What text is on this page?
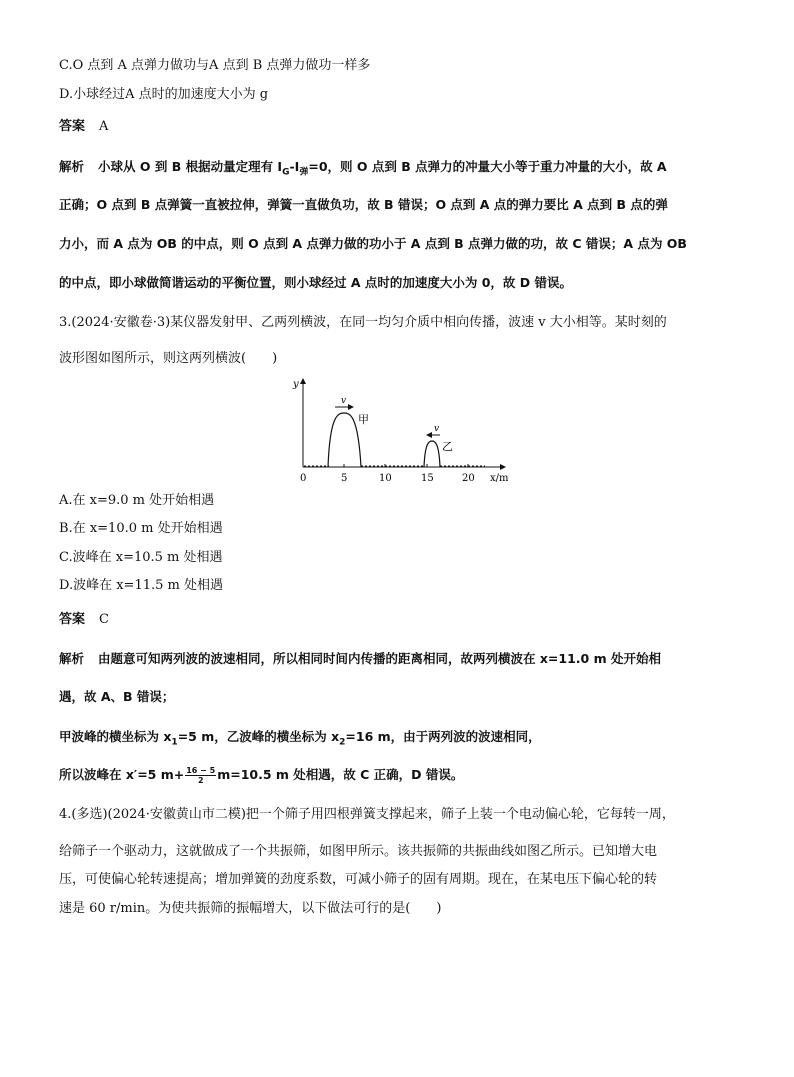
C.O 点到 A 点弹力做功与A 点到 B 点弹力做功一样多
D.小球经过A 点时的加速度大小为 g
答案 A
解析 小球从 O 到 B 根据动量定理有 $I_G-I_弹=0$，则 O 点到 B 点弹力的冲量大小等于重力冲量的大小，故 A
正确；O 点到 B 点弹簧一直被拉伸，弹簧一直做负功，故 B 错误；O 点到 A 点的弹力要比 A 点到 B 点的弹
力小，而 A 点为 OB 的中点，则 O 点到 A 点弹力做的功小于 A 点到 B 点弹力做的功，故 C 错误；A 点为 OB
的中点，即小球做简谐运动的平衡位置，则小球经过 A 点时的加速度大小为 0，故 D 错误。
3.(2024·安徽卷·3)某仪器发射甲、乙两列横波，在同一均匀介质中相向传播，波速 v 大小相等。某时刻的
波形图如图所示，则这两列横波(　　)
y
x/m
0	5	10	15	20
v
甲
v
乙
A.在 x=9.0 m 处开始相遇
B.在 x=10.0 m 处开始相遇
C.波峰在 x=10.5 m 处相遇
D.波峰在 x=11.5 m 处相遇
答案 C
解析 由题意可知两列波的波速相同，所以相同时间内传播的距离相同，故两列横波在 x=11.0 m 处开始相
遇，故 A、B 错误；
甲波峰的横坐标为 $x_1=5$ m，乙波峰的横坐标为 $x_2=16$ m，由于两列波的波速相同，
所以波峰在 x′=5 $m+ \frac{16 - 5}{2} m=10.5$ m 处相遇，故 C 正确，D 错误。
4.(多选)(2024·安徽黄山市二模)把一个筛子用四根弹簧支撑起来，筛子上装一个电动偏心轮，它每转一周，
给筛子一个驱动力，这就做成了一个共振筛，如图甲所示。该共振筛的共振曲线如图乙所示。已知增大电
压，可使偏心轮转速提高；增加弹簧的劲度系数，可减小筛子的固有周期。现在，在某电压下偏心轮的转
速是 60 r/min。为使共振筛的振幅增大，以下做法可行的是(　　)
